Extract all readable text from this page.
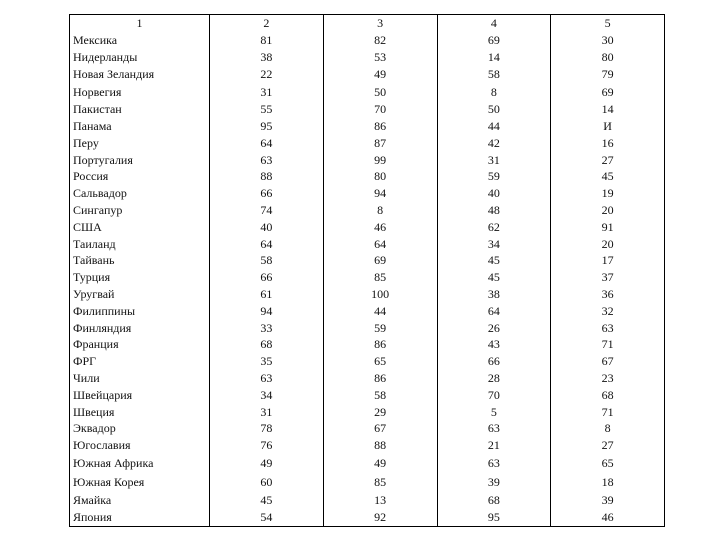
1	2	3	4	5
Мексика	81	82	69	30
Нидерланды	38	53	14	80
Новая Зеландия	22	49	58	79
Норвегия	31	50	8	69
Пакистан	55	70	50	14
Панама	95	86	44	И
Перу	64	87	42	16
Португалия	63	99	31	27
Россия	88	80	59	45
Сальвадор	66	94	40	19
Сингапур	74	8	48	20
США	40	46	62	91
Таиланд	64	64	34	20
Тайвань	58	69	45	17
Турция	66	85	45	37
Уругвай	61	100	38	36
Филиппины	94	44	64	32
Финляндия	33	59	26	63
Франция	68	86	43	71
ФРГ	35	65	66	67
Чили	63	86	28	23
Швейцария	34	58	70	68
Швеция	31	29	5	71
Эквадор	78	67	63	8
Югославия	76	88	21	27
Южная Африка	49	49	63	65
Южная Корея	60	85	39	18
Ямайка	45	13	68	39
Япония	54	92	95	46
